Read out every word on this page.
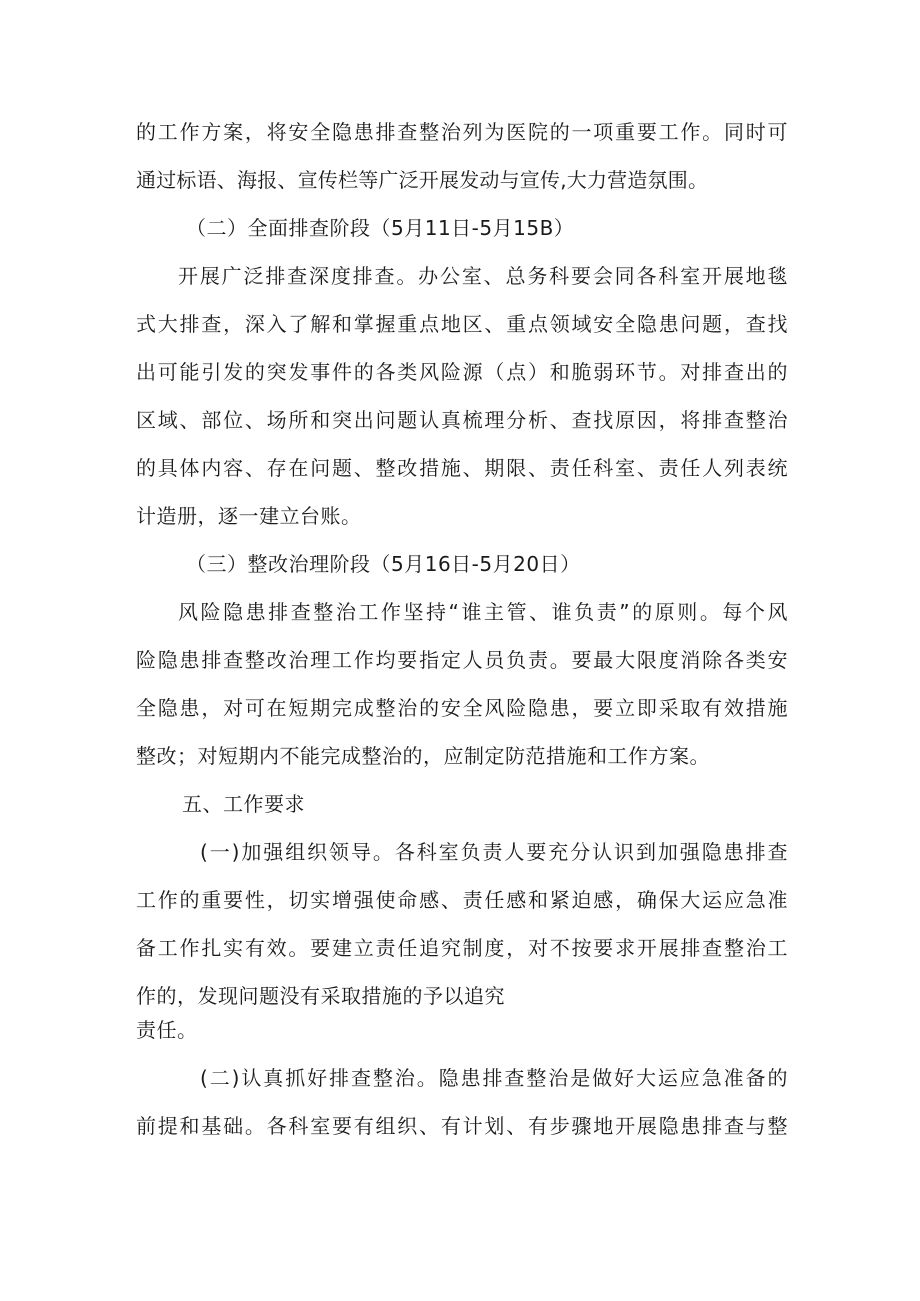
的工作方案，将安全隐患排查整治列为医院的一项重要工作。同时可

通过标语、海报、宣传栏等广泛开展发动与宣传,大力营造氛围。

（二）全面排查阶段（5月11日-5月15B）

开展广泛排查深度排查。办公室、总务科要会同各科室开展地毯

式大排查，深入了解和掌握重点地区、重点领域安全隐患问题，查找

出可能引发的突发事件的各类风险源（点）和脆弱环节。对排查出的

区域、部位、场所和突出问题认真梳理分析、查找原因，将排查整治

的具体内容、存在问题、整改措施、期限、责任科室、责任人列表统

计造册，逐一建立台账。

（三）整改治理阶段（5月16日-5月20日）

风险隐患排查整治工作坚持“谁主管、谁负责”的原则。每个风

险隐患排查整改治理工作均要指定人员负责。要最大限度消除各类安

全隐患，对可在短期完成整治的安全风险隐患，要立即采取有效措施

整改；对短期内不能完成整治的，应制定防范措施和工作方案。

五、工作要求

(一)加强组织领导。各科室负责人要充分认识到加强隐患排查

工作的重要性，切实增强使命感、责任感和紧迫感，确保大运应急准

备工作扎实有效。要建立责任追究制度，对不按要求开展排查整治工

作的，发现问题没有采取措施的予以追究

责任。

(二)认真抓好排查整治。隐患排查整治是做好大运应急准备的

前提和基础。各科室要有组织、有计划、有步骤地开展隐患排查与整
